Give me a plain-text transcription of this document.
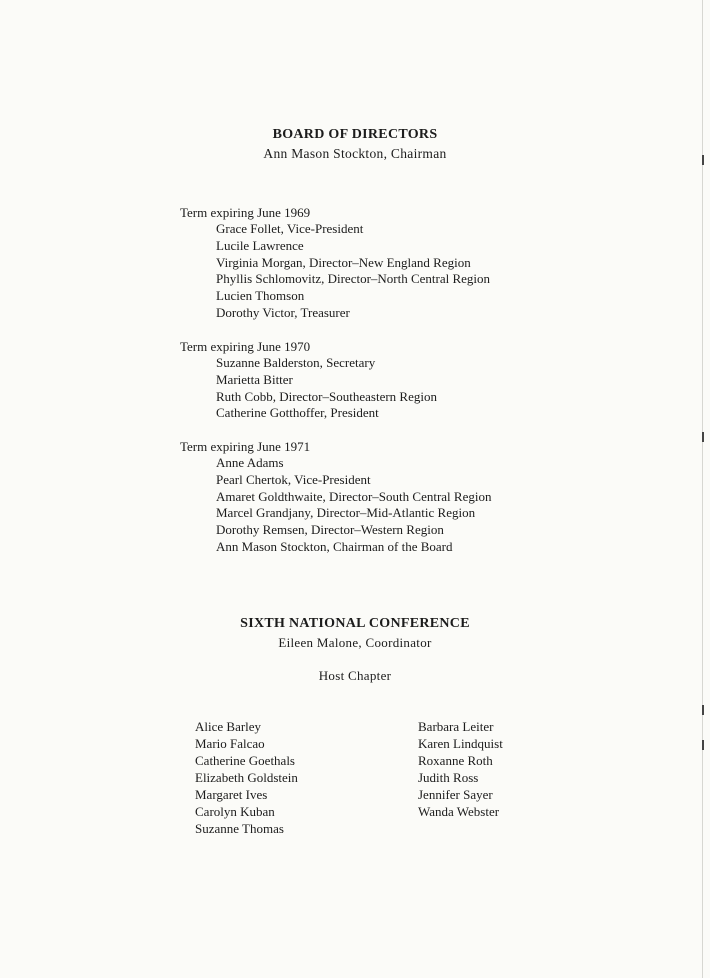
BOARD OF DIRECTORS
Ann Mason Stockton, Chairman
Term expiring June 1969
Grace Follet, Vice-President
Lucile Lawrence
Virginia Morgan, Director–New England Region
Phyllis Schlomovitz, Director–North Central Region
Lucien Thomson
Dorothy Victor, Treasurer
Term expiring June 1970
Suzanne Balderston, Secretary
Marietta Bitter
Ruth Cobb, Director–Southeastern Region
Catherine Gotthoffer, President
Term expiring June 1971
Anne Adams
Pearl Chertok, Vice-President
Amaret Goldthwaite, Director–South Central Region
Marcel Grandjany, Director–Mid-Atlantic Region
Dorothy Remsen, Director–Western Region
Ann Mason Stockton, Chairman of the Board
SIXTH NATIONAL CONFERENCE
Eileen Malone, Coordinator
Host Chapter
Alice Barley
Mario Falcao
Catherine Goethals
Elizabeth Goldstein
Margaret Ives
Carolyn Kuban
Suzanne Thomas
Barbara Leiter
Karen Lindquist
Roxanne Roth
Judith Ross
Jennifer Sayer
Wanda Webster
